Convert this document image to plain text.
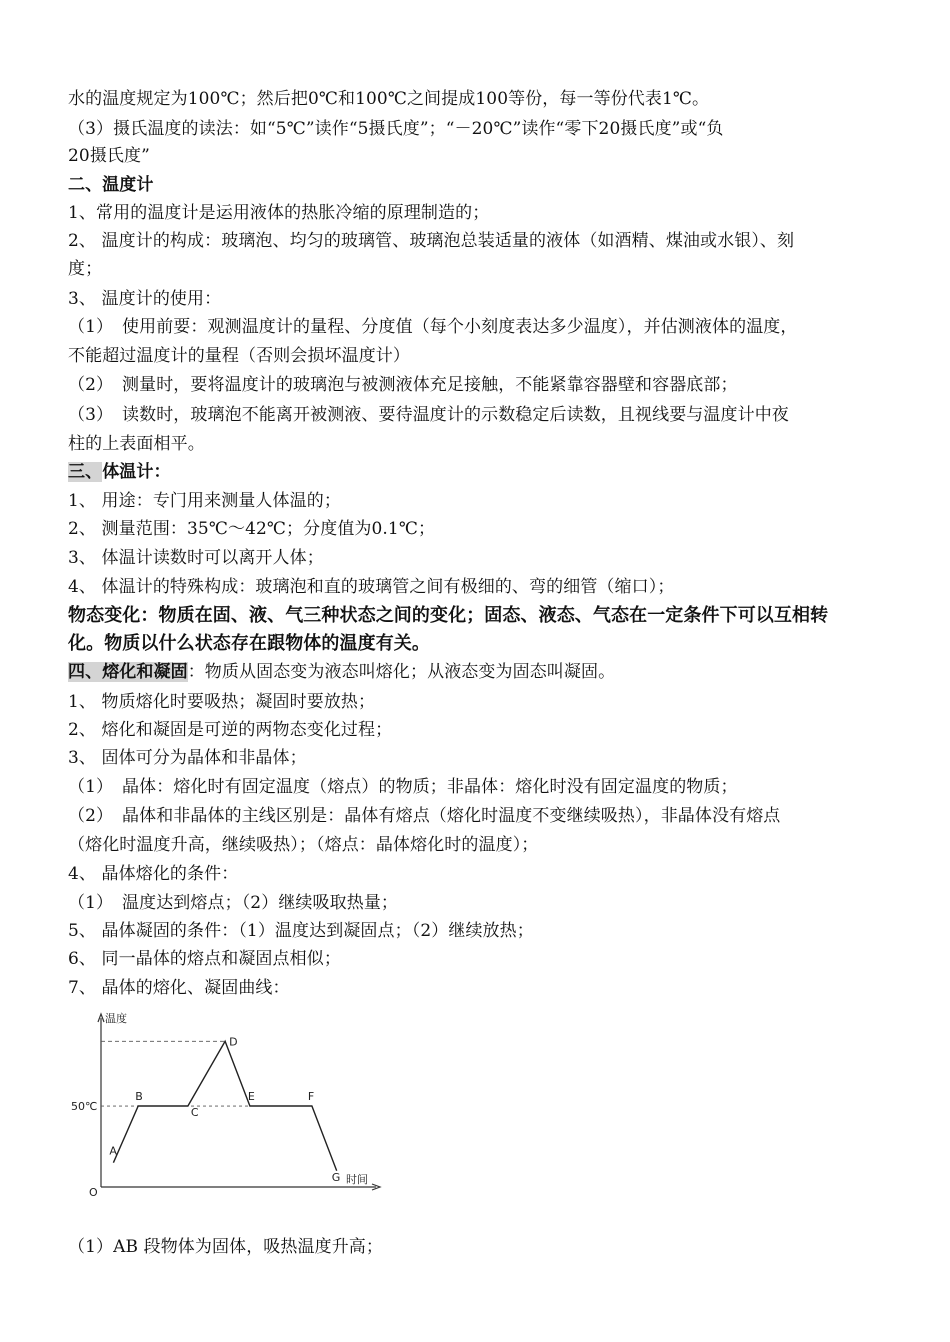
水的温度规定为100℃；然后把0℃和100℃之间提成100等份，每一等份代表1℃。
（3）摄氏温度的读法：如“5℃”读作“5摄氏度”；“－20℃”读作“零下20摄氏度”或“负
20摄氏度”
二、温度计
1、常用的温度计是运用液体的热胀冷缩的原理制造的；
2、 温度计的构成：玻璃泡、均匀的玻璃管、玻璃泡总装适量的液体（如酒精、煤油或水银）、刻
度；
3、 温度计的使用：
（1） 使用前要：观测温度计的量程、分度值（每个小刻度表达多少温度），并估测液体的温度，
不能超过温度计的量程（否则会损坏温度计）
（2） 测量时，要将温度计的玻璃泡与被测液体充足接触，不能紧靠容器壁和容器底部；
（3） 读数时，玻璃泡不能离开被测液、要待温度计的示数稳定后读数，且视线要与温度计中夜
柱的上表面相平。
三、体温计：
1、 用途：专门用来测量人体温的；
2、 测量范围：35℃～42℃；分度值为0.1℃；
3、 体温计读数时可以离开人体；
4、 体温计的特殊构成：玻璃泡和直的玻璃管之间有极细的、弯的细管（缩口）；
物态变化：物质在固、液、气三种状态之间的变化；固态、液态、气态在一定条件下可以互相转
化。物质以什么状态存在跟物体的温度有关。
四、熔化和凝固：物质从固态变为液态叫熔化；从液态变为固态叫凝固。
1、 物质熔化时要吸热；凝固时要放热；
2、 熔化和凝固是可逆的两物态变化过程；
3、 固体可分为晶体和非晶体；
（1） 晶体：熔化时有固定温度（熔点）的物质；非晶体：熔化时没有固定温度的物质；
（2） 晶体和非晶体的主线区别是：晶体有熔点（熔化时温度不变继续吸热），非晶体没有熔点
（熔化时温度升高，继续吸热）；（熔点：晶体熔化时的温度）；
4、 晶体熔化的条件：
（1） 温度达到熔点；（2）继续吸取热量；
5、 晶体凝固的条件：（1）温度达到凝固点；（2）继续放热；
6、 同一晶体的熔点和凝固点相似；
7、 晶体的熔化、凝固曲线：
温度
时间
O
50℃
A
B
C
D
E	F
G
（1）AB 段物体为固体，吸热温度升高；
